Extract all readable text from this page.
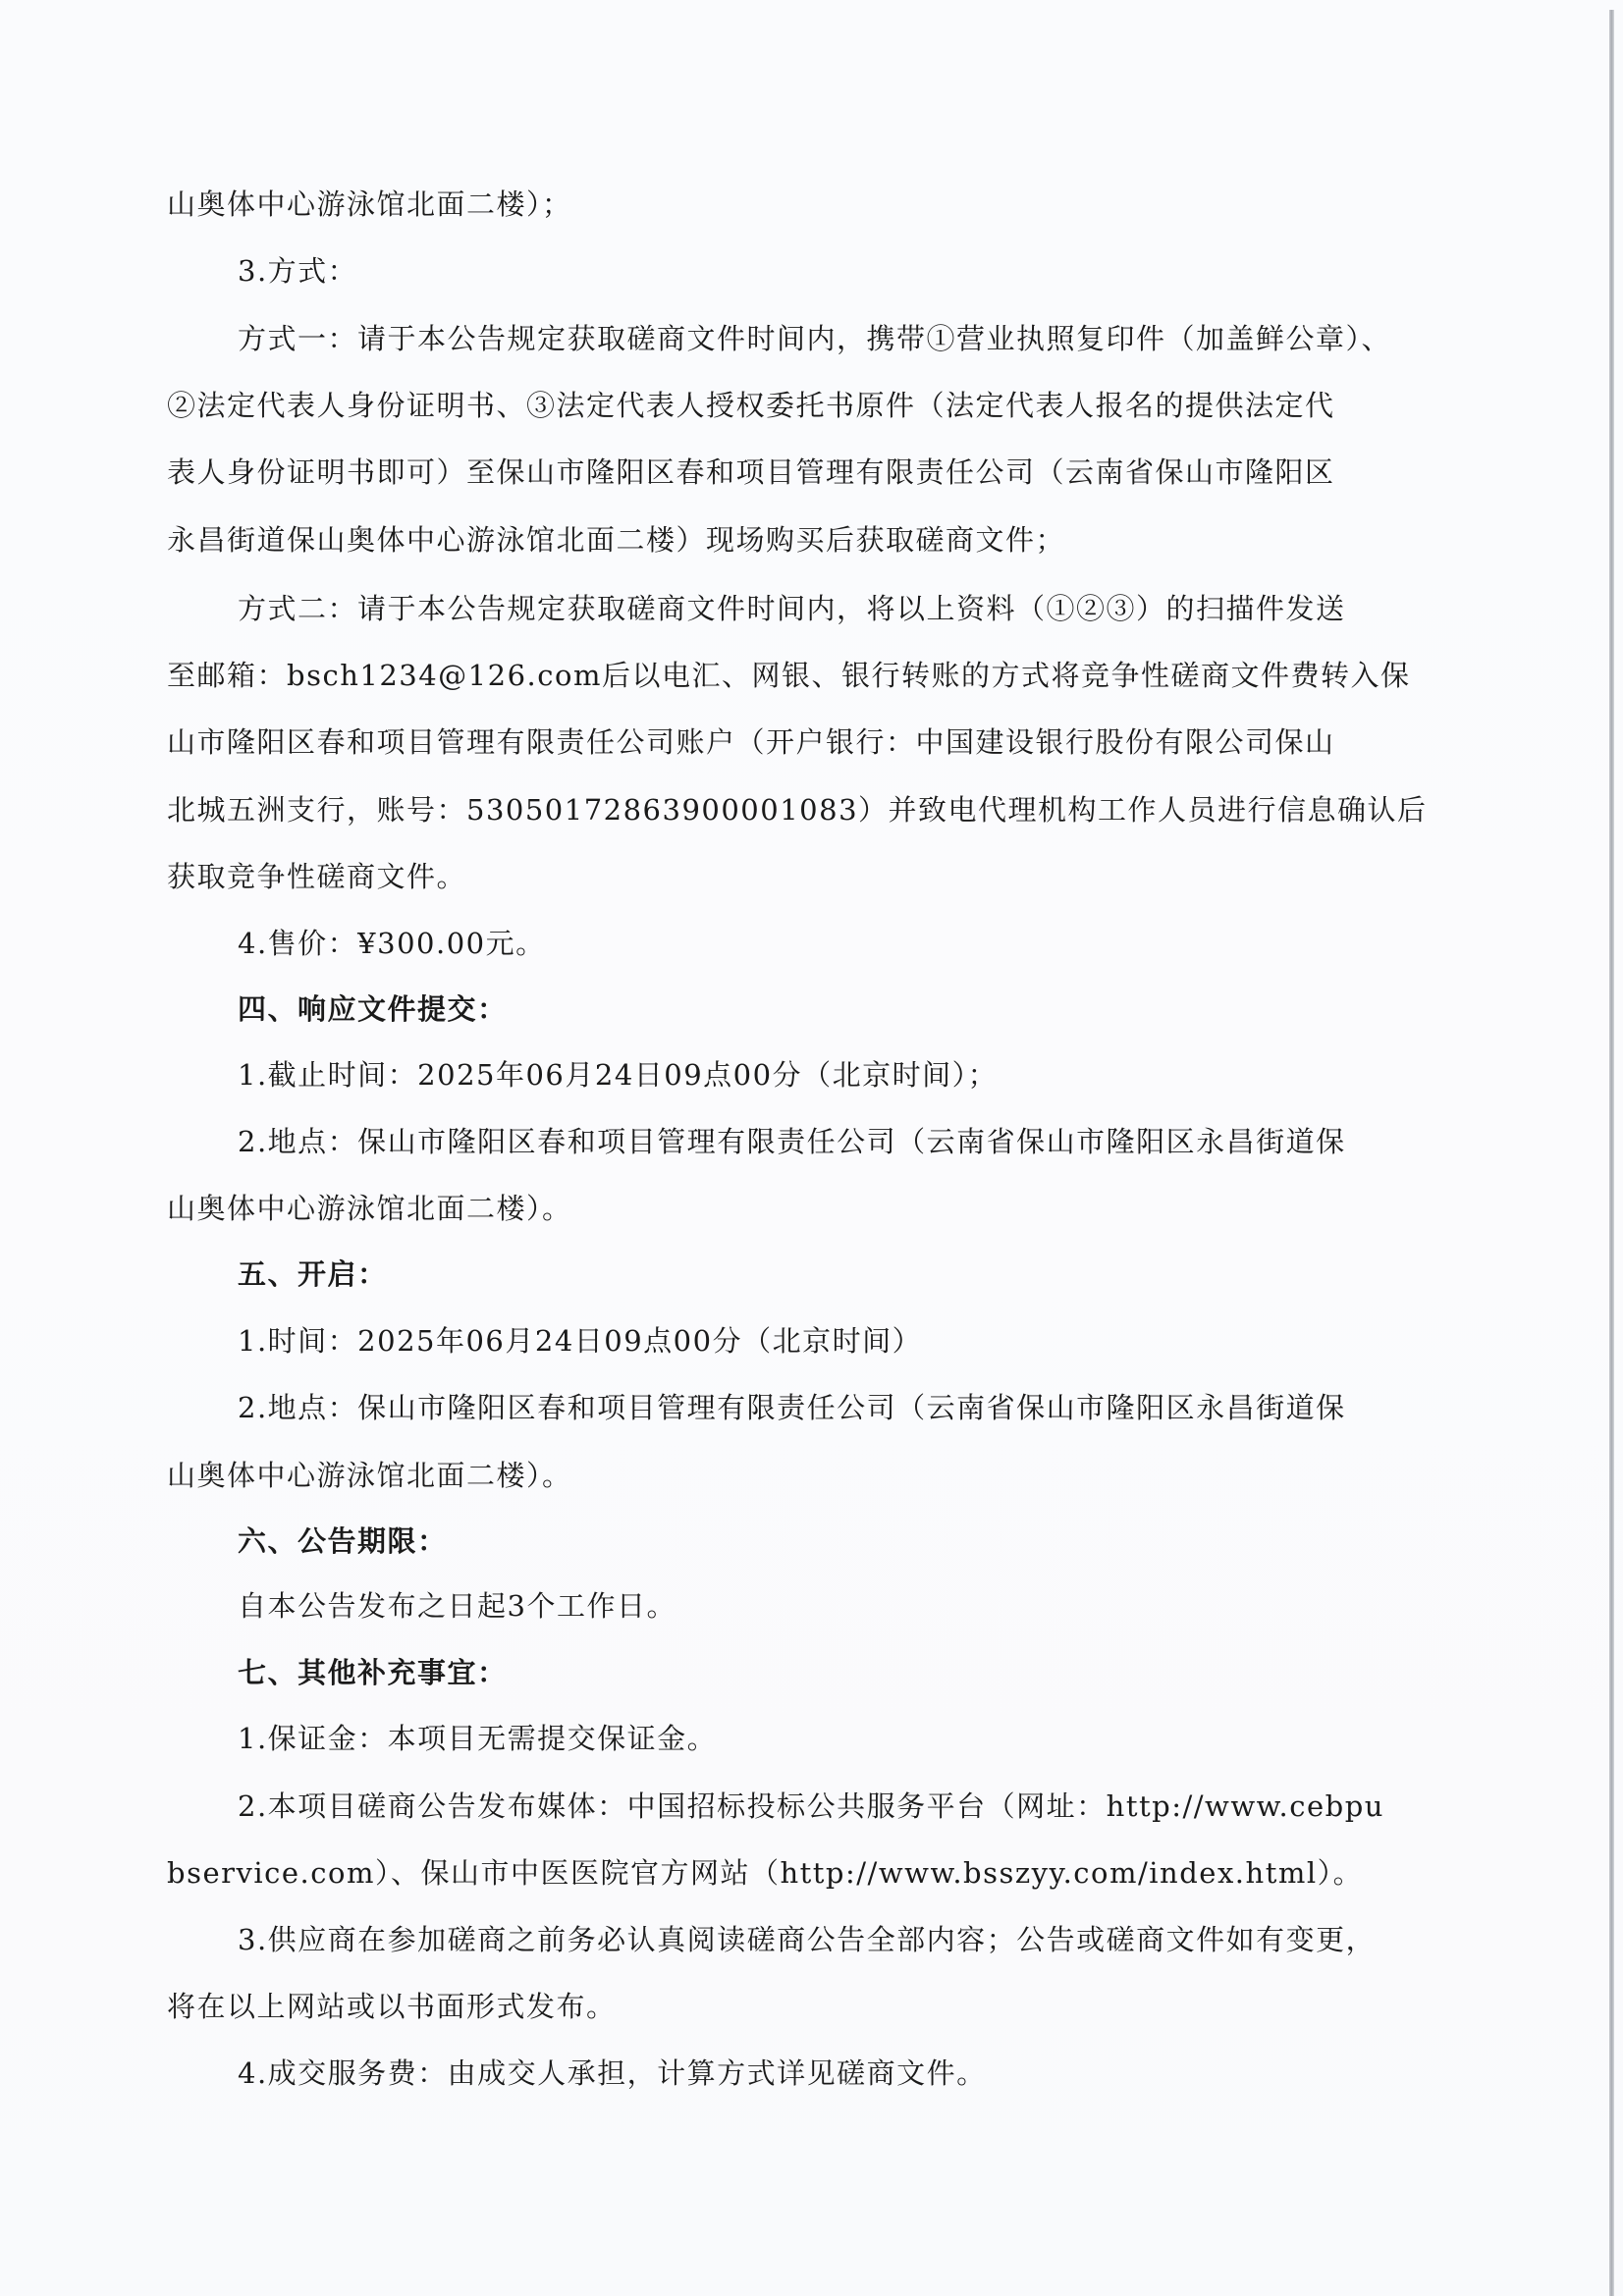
山奥体中心游泳馆北面二楼）；
3.方式：
方式一：请于本公告规定获取磋商文件时间内，携带①营业执照复印件（加盖鲜公章）、
②法定代表人身份证明书、③法定代表人授权委托书原件（法定代表人报名的提供法定代
表人身份证明书即可）至保山市隆阳区春和项目管理有限责任公司（云南省保山市隆阳区
永昌街道保山奥体中心游泳馆北面二楼）现场购买后获取磋商文件；
方式二：请于本公告规定获取磋商文件时间内，将以上资料（①②③）的扫描件发送
至邮箱：bsch1234@126.com后以电汇、网银、银行转账的方式将竞争性磋商文件费转入保
山市隆阳区春和项目管理有限责任公司账户（开户银行：中国建设银行股份有限公司保山
北城五洲支行，账号：53050172863900001083）并致电代理机构工作人员进行信息确认后
获取竞争性磋商文件。
4.售价：¥300.00元。
四、响应文件提交：
1.截止时间：2025年06月24日09点00分（北京时间）；
2.地点：保山市隆阳区春和项目管理有限责任公司（云南省保山市隆阳区永昌街道保
山奥体中心游泳馆北面二楼）。
五、开启：
1.时间：2025年06月24日09点00分（北京时间）
2.地点：保山市隆阳区春和项目管理有限责任公司（云南省保山市隆阳区永昌街道保
山奥体中心游泳馆北面二楼）。
六、公告期限：
自本公告发布之日起3个工作日。
七、其他补充事宜：
1.保证金：本项目无需提交保证金。
2.本项目磋商公告发布媒体：中国招标投标公共服务平台（网址：http://www.cebpu
bservice.com）、保山市中医医院官方网站（http://www.bsszyy.com/index.html）。
3.供应商在参加磋商之前务必认真阅读磋商公告全部内容；公告或磋商文件如有变更，
将在以上网站或以书面形式发布。
4.成交服务费：由成交人承担，计算方式详见磋商文件。
